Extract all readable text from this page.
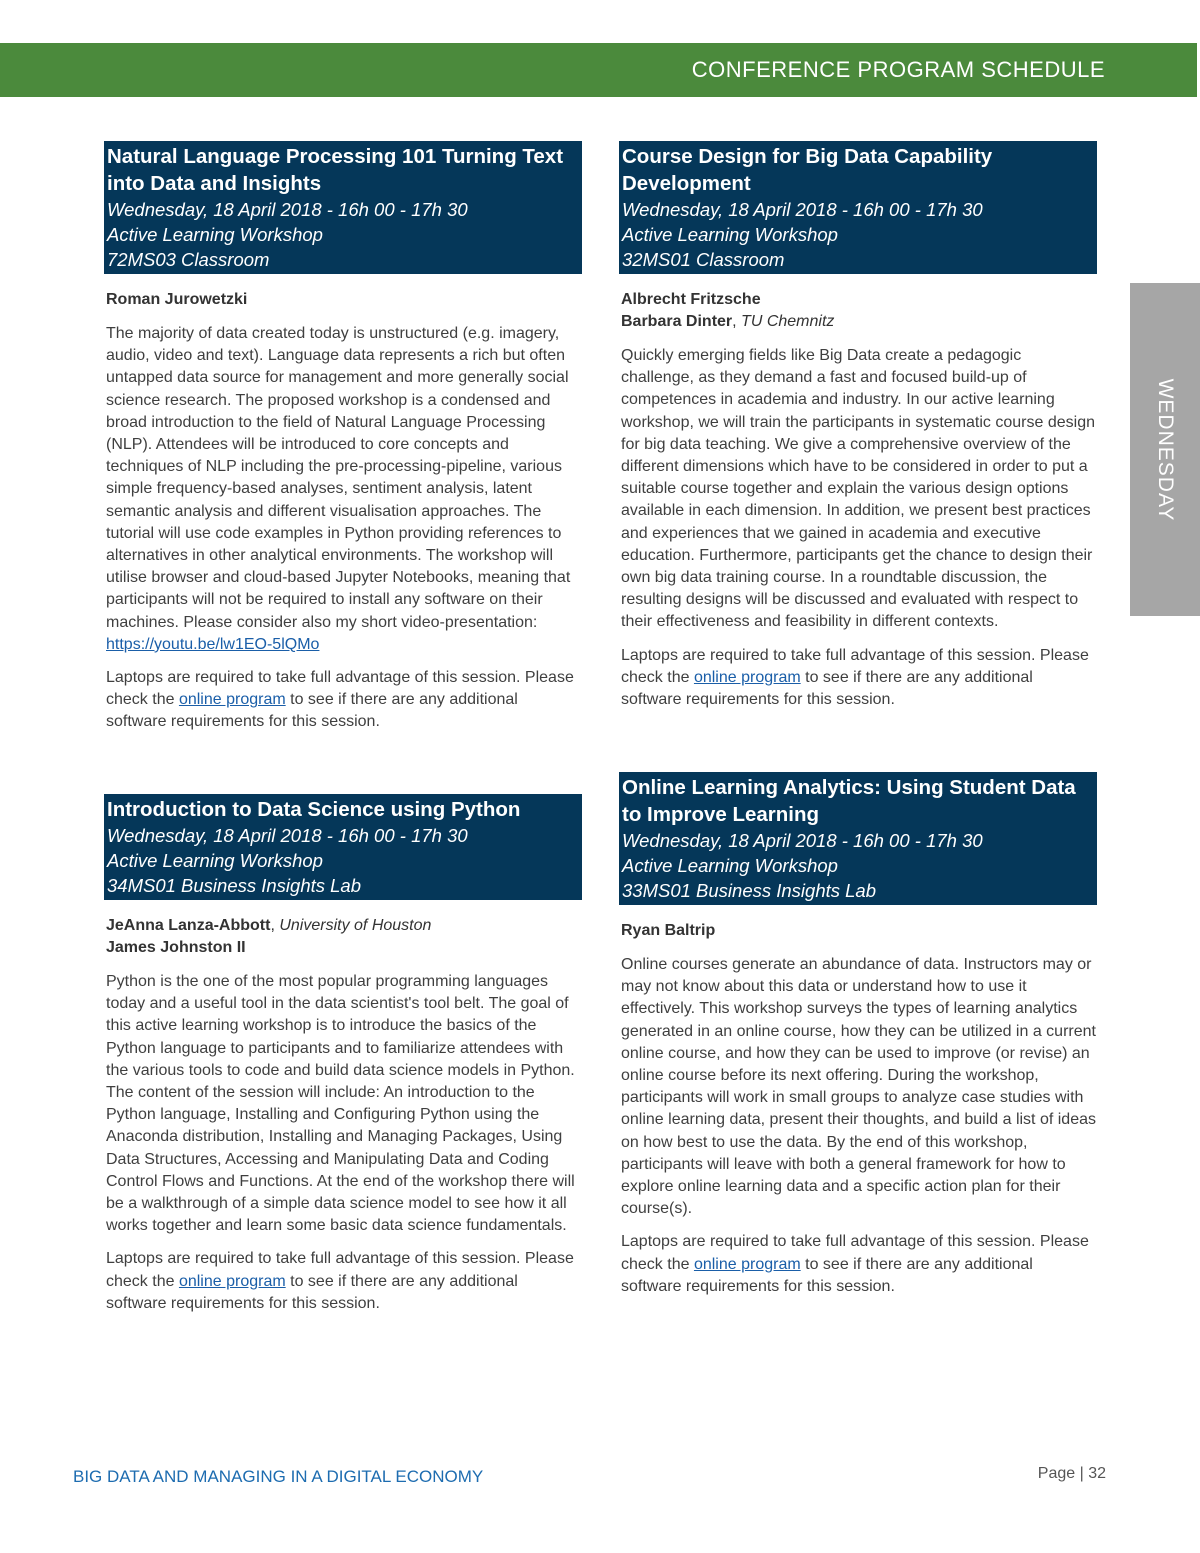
CONFERENCE PROGRAM SCHEDULE
WEDNESDAY
Natural Language Processing 101 Turning Text into Data and Insights
Wednesday, 18 April 2018 - 16h 00 - 17h 30
Active Learning Workshop
72MS03 Classroom
Roman Jurowetzki
The majority of data created today is unstructured (e.g. imagery, audio, video and text). Language data represents a rich but often untapped data source for management and more generally social science research. The proposed workshop is a condensed and broad introduction to the field of Natural Language Processing (NLP). Attendees will be introduced to core concepts and techniques of NLP including the pre-processing-pipeline, various simple frequency-based analyses, sentiment analysis, latent semantic analysis and different visualisation approaches. The tutorial will use code examples in Python providing references to alternatives in other analytical environments. The workshop will utilise browser and cloud-based Jupyter Notebooks, meaning that participants will not be required to install any software on their machines. Please consider also my short video-presentation: https://youtu.be/lw1EO-5lQMo
Laptops are required to take full advantage of this session. Please check the online program to see if there are any additional software requirements for this session.
Course Design for Big Data Capability Development
Wednesday, 18 April 2018 - 16h 00 - 17h 30
Active Learning Workshop
32MS01 Classroom
Albrecht Fritzsche
Barbara Dinter, TU Chemnitz
Quickly emerging fields like Big Data create a pedagogic challenge, as they demand a fast and focused build-up of competences in academia and industry. In our active learning workshop, we will train the participants in systematic course design for big data teaching. We give a comprehensive overview of the different dimensions which have to be considered in order to put a suitable course together and explain the various design options available in each dimension. In addition, we present best practices and experiences that we gained in academia and executive education. Furthermore, participants get the chance to design their own big data training course. In a roundtable discussion, the resulting designs will be discussed and evaluated with respect to their effectiveness and feasibility in different contexts.
Laptops are required to take full advantage of this session. Please check the online program to see if there are any additional software requirements for this session.
Introduction to Data Science using Python
Wednesday, 18 April 2018 - 16h 00 - 17h 30
Active Learning Workshop
34MS01 Business Insights Lab
JeAnna Lanza-Abbott, University of Houston
James Johnston II
Python is the one of the most popular programming languages today and a useful tool in the data scientist's tool belt. The goal of this active learning workshop is to introduce the basics of the Python language to participants and to familiarize attendees with the various tools to code and build data science models in Python. The content of the session will include: An introduction to the Python language, Installing and Configuring Python using the Anaconda distribution, Installing and Managing Packages, Using Data Structures, Accessing and Manipulating Data and Coding Control Flows and Functions. At the end of the workshop there will be a walkthrough of a simple data science model to see how it all works together and learn some basic data science fundamentals.
Laptops are required to take full advantage of this session. Please check the online program to see if there are any additional software requirements for this session.
Online Learning Analytics: Using Student Data to Improve Learning
Wednesday, 18 April 2018 - 16h 00 - 17h 30
Active Learning Workshop
33MS01 Business Insights Lab
Ryan Baltrip
Online courses generate an abundance of data. Instructors may or may not know about this data or understand how to use it effectively. This workshop surveys the types of learning analytics generated in an online course, how they can be utilized in a current online course, and how they can be used to improve (or revise) an online course before its next offering. During the workshop, participants will work in small groups to analyze case studies with online learning data, present their thoughts, and build a list of ideas on how best to use the data. By the end of this workshop, participants will leave with both a general framework for how to explore online learning data and a specific action plan for their course(s).
Laptops are required to take full advantage of this session. Please check the online program to see if there are any additional software requirements for this session.
BIG DATA AND MANAGING IN A DIGITAL ECONOMY	Page | 32
